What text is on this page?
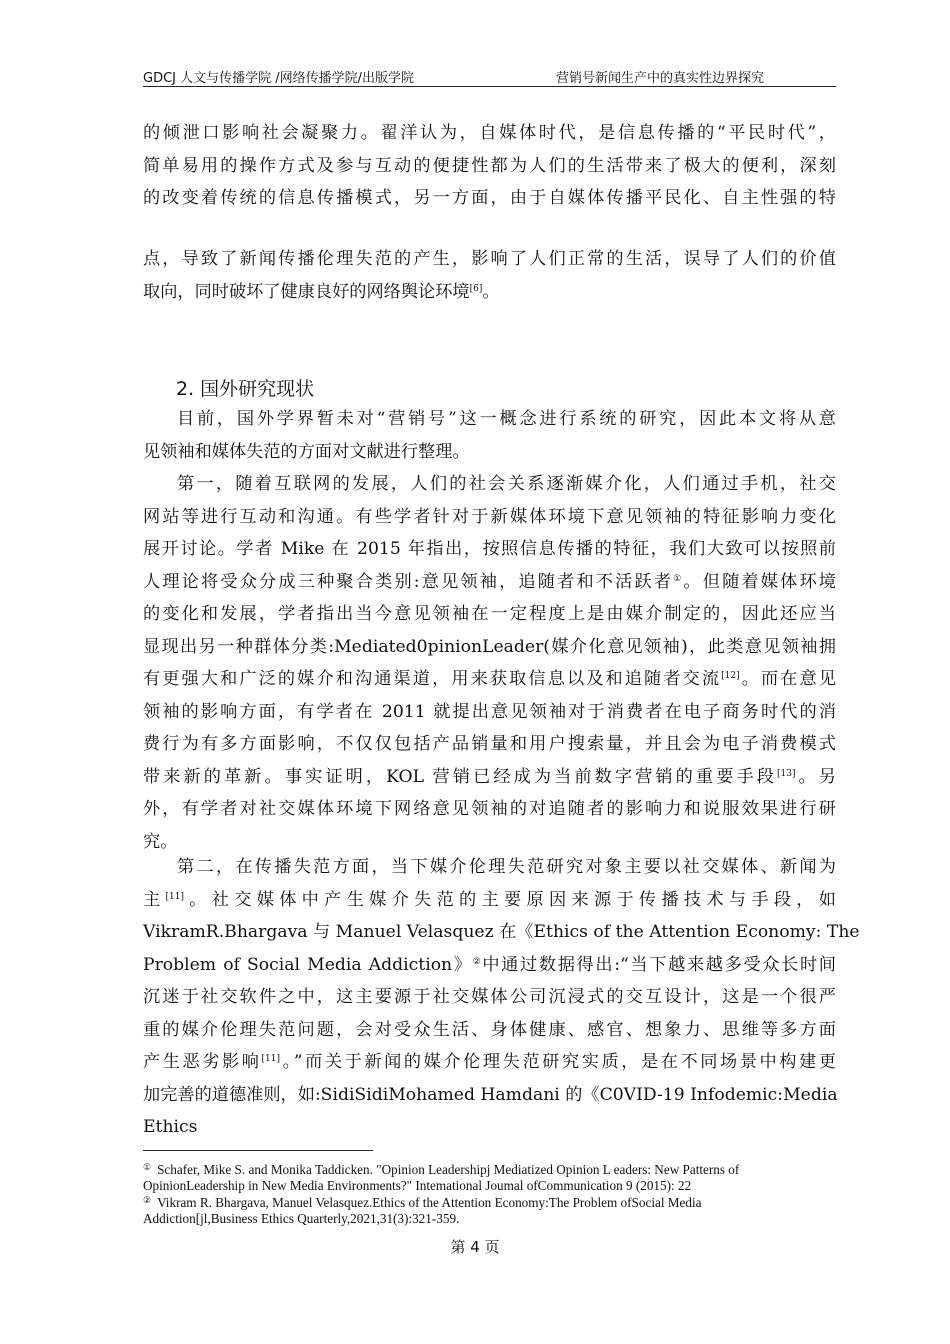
GDCJ 人文与传播学院 /网络传播学院/出版学院	营销号新闻生产中的真实性边界探究
的倾泄口影响社会凝聚力。翟洋认为，自媒体时代，是信息传播的“平民时代”，
简单易用的操作方式及参与互动的便捷性都为人们的生活带来了极大的便利，深刻
的改变着传统的信息传播模式，另一方面，由于自媒体传播平民化、自主性强的特
点，导致了新闻传播伦理失范的产生，影响了人们正常的生活，误导了人们的价值
取向，同时破坏了健康良好的网络舆论环境[6]。
2. 国外研究现状
目前，国外学界暂未对“营销号”这一概念进行系统的研究，因此本文将从意
见领袖和媒体失范的方面对文献进行整理。
第一，随着互联网的发展，人们的社会关系逐渐媒介化，人们通过手机，社交
网站等进行互动和沟通。有些学者针对于新媒体环境下意见领袖的特征影响力变化
展开讨论。学者 Mike 在 2015 年指出，按照信息传播的特征，我们大致可以按照前
人理论将受众分成三种聚合类别:意见领袖，追随者和不活跃者①。但随着媒体环境
的变化和发展，学者指出当今意见领袖在一定程度上是由媒介制定的，因此还应当
显现出另一种群体分类:Mediated0pinionLeader(媒介化意见领袖)，此类意见领袖拥
有更强大和广泛的媒介和沟通渠道，用来获取信息以及和追随者交流[12]。而在意见
领袖的影响方面，有学者在 2011 就提出意见领袖对于消费者在电子商务时代的消
费行为有多方面影响，不仅仅包括产品销量和用户搜索量，并且会为电子消费模式
带来新的革新。事实证明，KOL 营销已经成为当前数字营销的重要手段[13]。另
外，有学者对社交媒体环境下网络意见领袖的对追随者的影响力和说服效果进行研
究。
第二，在传播失范方面，当下媒介伦理失范研究对象主要以社交媒体、新闻为
主[11]。社交媒体中产生媒介失范的主要原因来源于传播技术与手段，如
VikramR.Bhargava 与 Manuel Velasquez 在《Ethics of the Attention Economy: The
Problem of Social Media Addiction》②中通过数据得出:“当下越来越多受众长时间
沉迷于社交软件之中，这主要源于社交媒体公司沉浸式的交互设计，这是一个很严
重的媒介伦理失范问题，会对受众生活、身体健康、感官、想象力、思维等多方面
产生恶劣影响[11]。”而关于新闻的媒介伦理失范研究实质，是在不同场景中构建更
加完善的道德准则，如:SidiSidiMohamed Hamdani 的《C0VID-19 Infodemic:Media
Ethics
① Schafer, Mike S. and Monika Taddicken. "Opinion Leadershipj Mediatized Opinion L eaders: New Patterns of
OpinionLeadership in New Media Environments?" Intemational Joumal ofCommunication 9 (2015): 22
② Vikram R. Bhargava, Manuel Velasquez.Ethics of the Attention Economy:The Problem ofSocial Media
Addiction[jl,Business Ethics Quarterly,2021,31(3):321-359.
第 4 页
